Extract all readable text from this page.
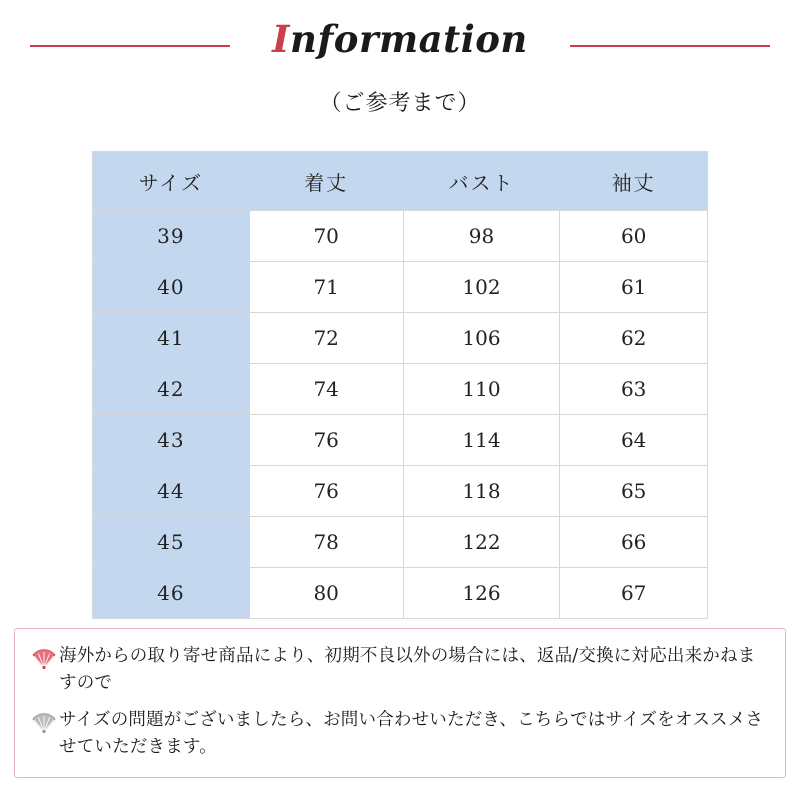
Information
（ご参考まで）
サイズ	着丈	バスト	袖丈
39	70	98	60
40	71	102	61
41	72	106	62
42	74	110	63
43	76	114	64
44	76	118	65
45	78	122	66
46	80	126	67
海外からの取り寄せ商品により、初期不良以外の場合には、返品/交換に対応出来かねますので
サイズの問題がございましたら、お問い合わせいただき、こちらではサイズをオススメさせていただきます。
